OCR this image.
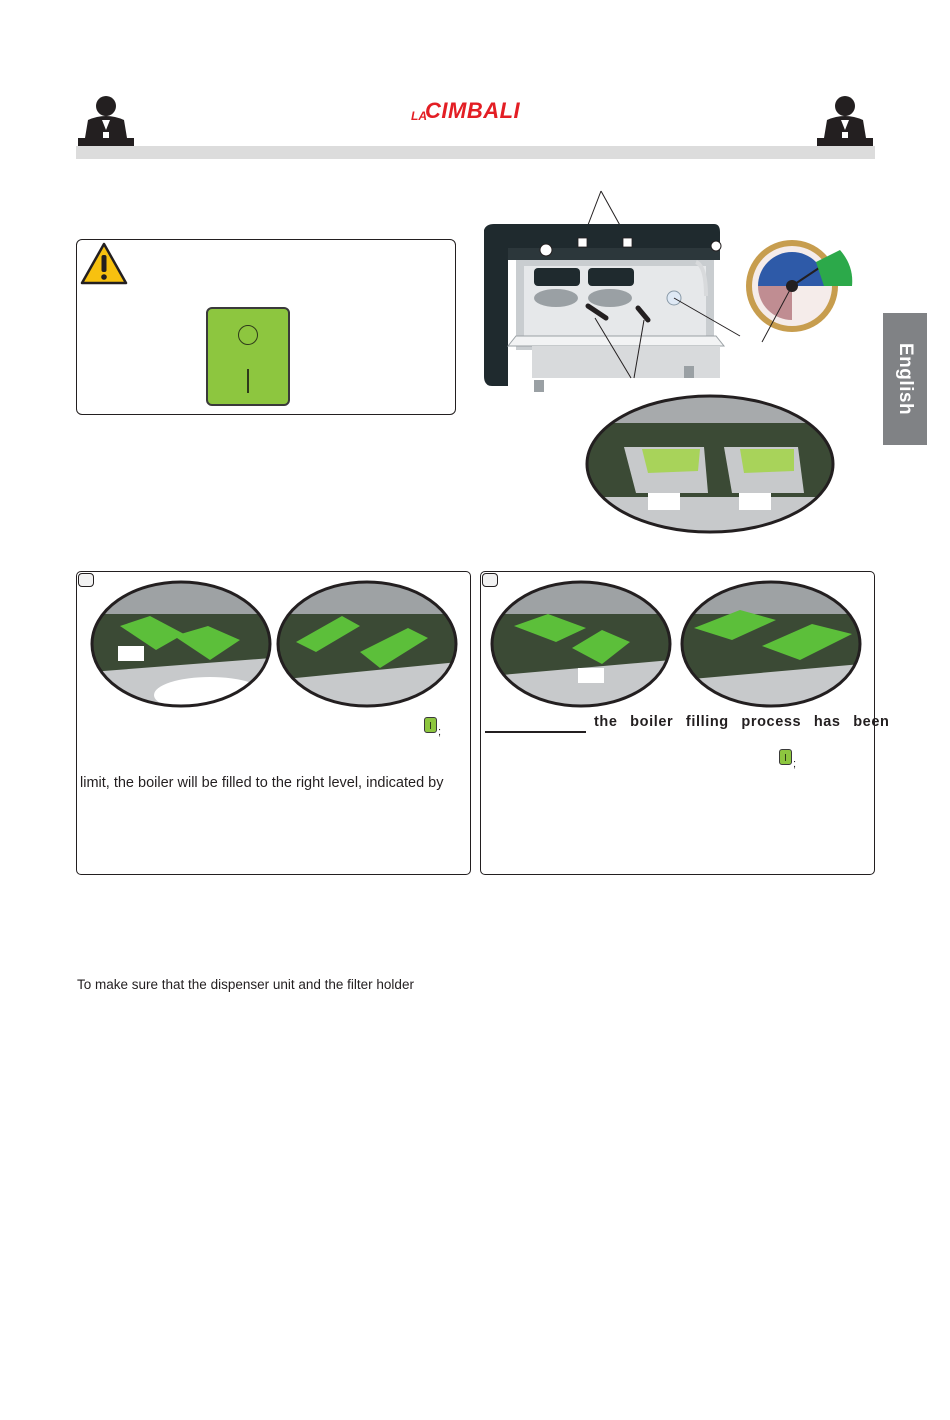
LA
CIMBALI
English
;
limit, the boiler will be filled to the right level, indicated by
the boiler filling process has been
;
To make sure that the dispenser unit and the filter holder
